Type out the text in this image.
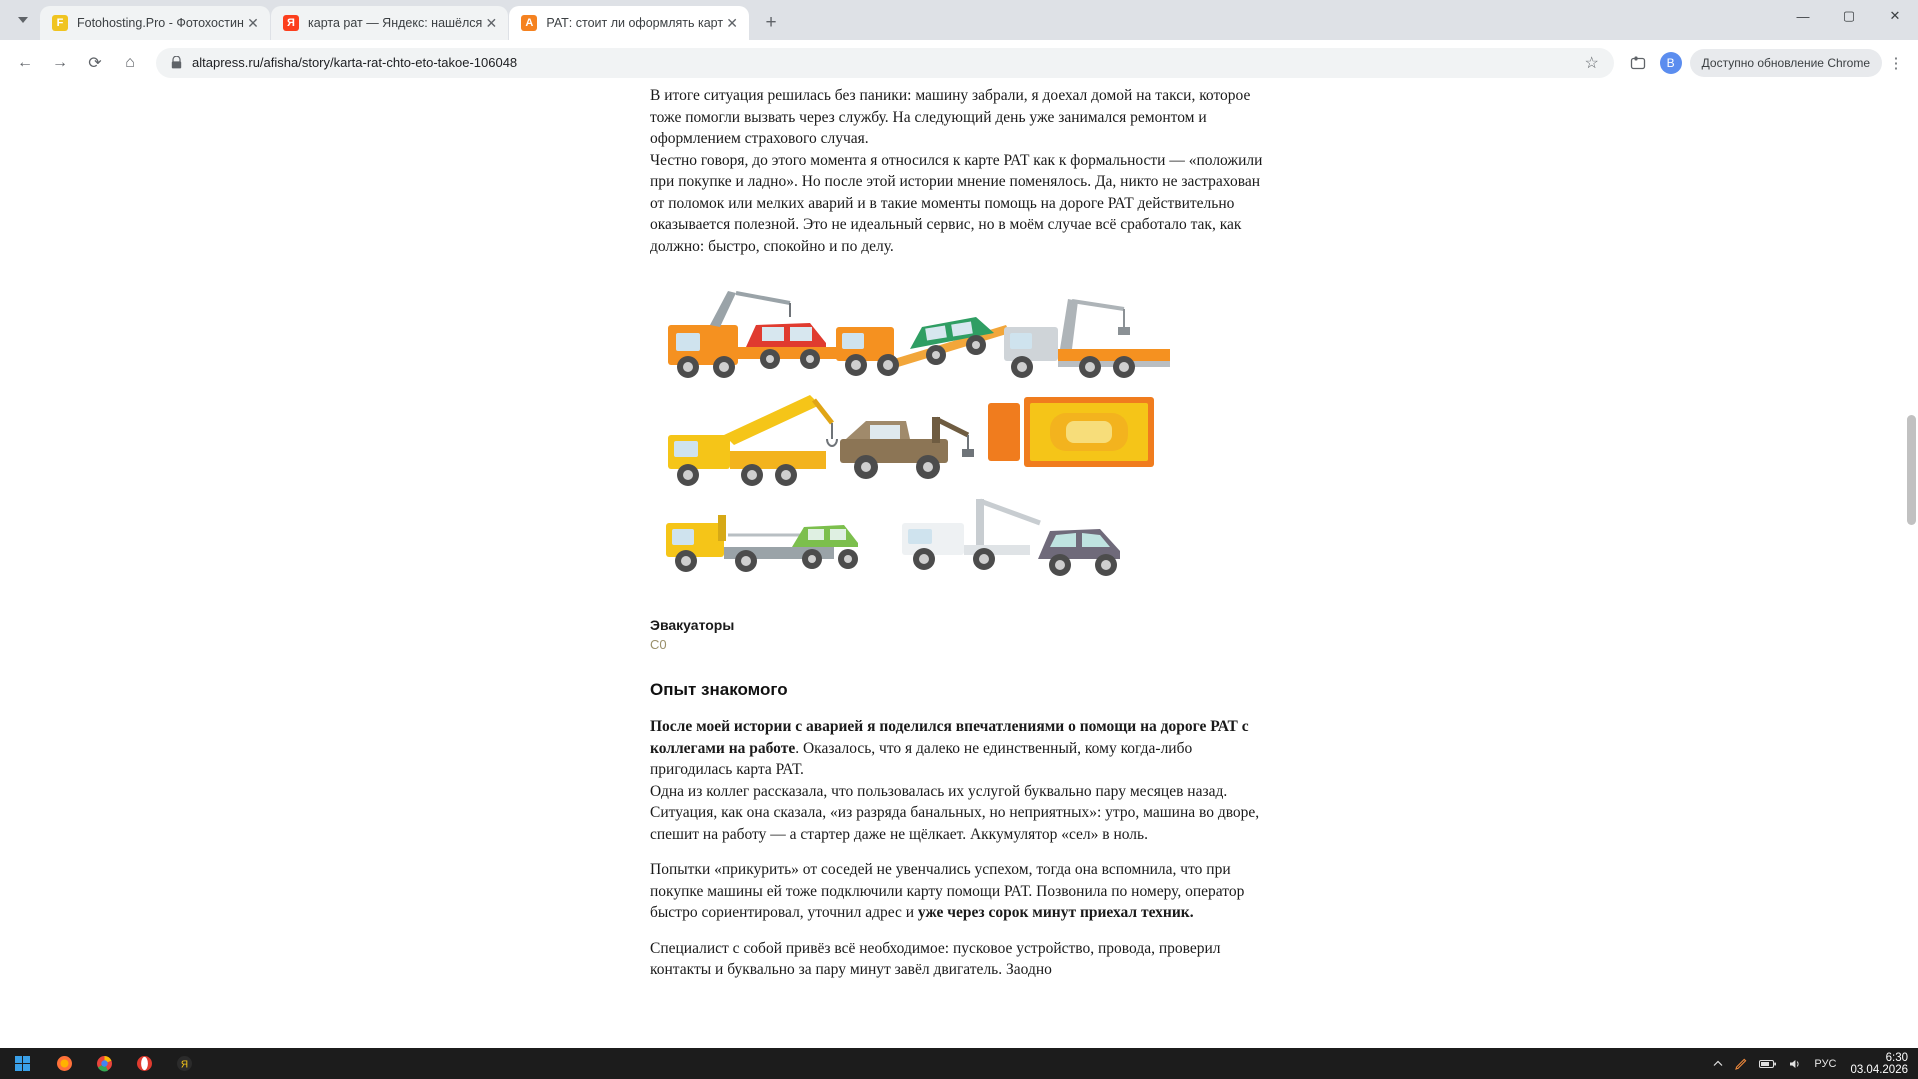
F	Fotohosting.Pro - Фотохостин ✕	Я	карта рат — Яндекс: нашёлся ✕	А	РАТ: стоит ли оформлять карт ✕	+	—	▢	✕
←	→	⟳	⌂	altapress.ru/afisha/story/karta-rat-chto-eto-takoe-106048	☆	В	Доступно обновление Chrome	⋮

В итоге ситуация решилась без паники: машину забрали, я доехал домой на такси, которое тоже помогли вызвать через службу. На следующий день уже занимался ремонтом и оформлением страхового случая.

Честно говоря, до этого момента я относился к карте РАТ как к формальности — «положили при покупке и ладно». Но после этой истории мнение поменялось. Да, никто не застрахован от поломок или мелких аварий и в такие моменты помощь на дороге РАТ действительно оказывается полезной. Это не идеальный сервис, но в моём случае всё сработало так, как должно: быстро, спокойно и по делу.

Эвакуаторы
C0
Опыт знакомого

После моей истории с аварией я поделился впечатлениями о помощи на дороге РАТ с коллегами на работе. Оказалось, что я далеко не единственный, кому когда-либо пригодилась карта РАТ.

Одна из коллег рассказала, что пользовалась их услугой буквально пару месяцев назад. Ситуация, как она сказала, «из разряда банальных, но неприятных»: утро, машина во дворе, спешит на работу — а стартер даже не щёлкает. Аккумулятор «сел» в ноль.

Попытки «прикурить» от соседей не увенчались успехом, тогда она вспомнила, что при покупке машины ей тоже подключили карту помощи РАТ. Позвонила по номеру, оператор быстро сориентировал, уточнил адрес и уже через сорок минут приехал техник.

Специалист с собой привёз всё необходимое: пусковое устройство, провода, проверил контакты и буквально за пару минут завёл двигатель. Заодно

Я	РУС	6:30
03.04.2026
